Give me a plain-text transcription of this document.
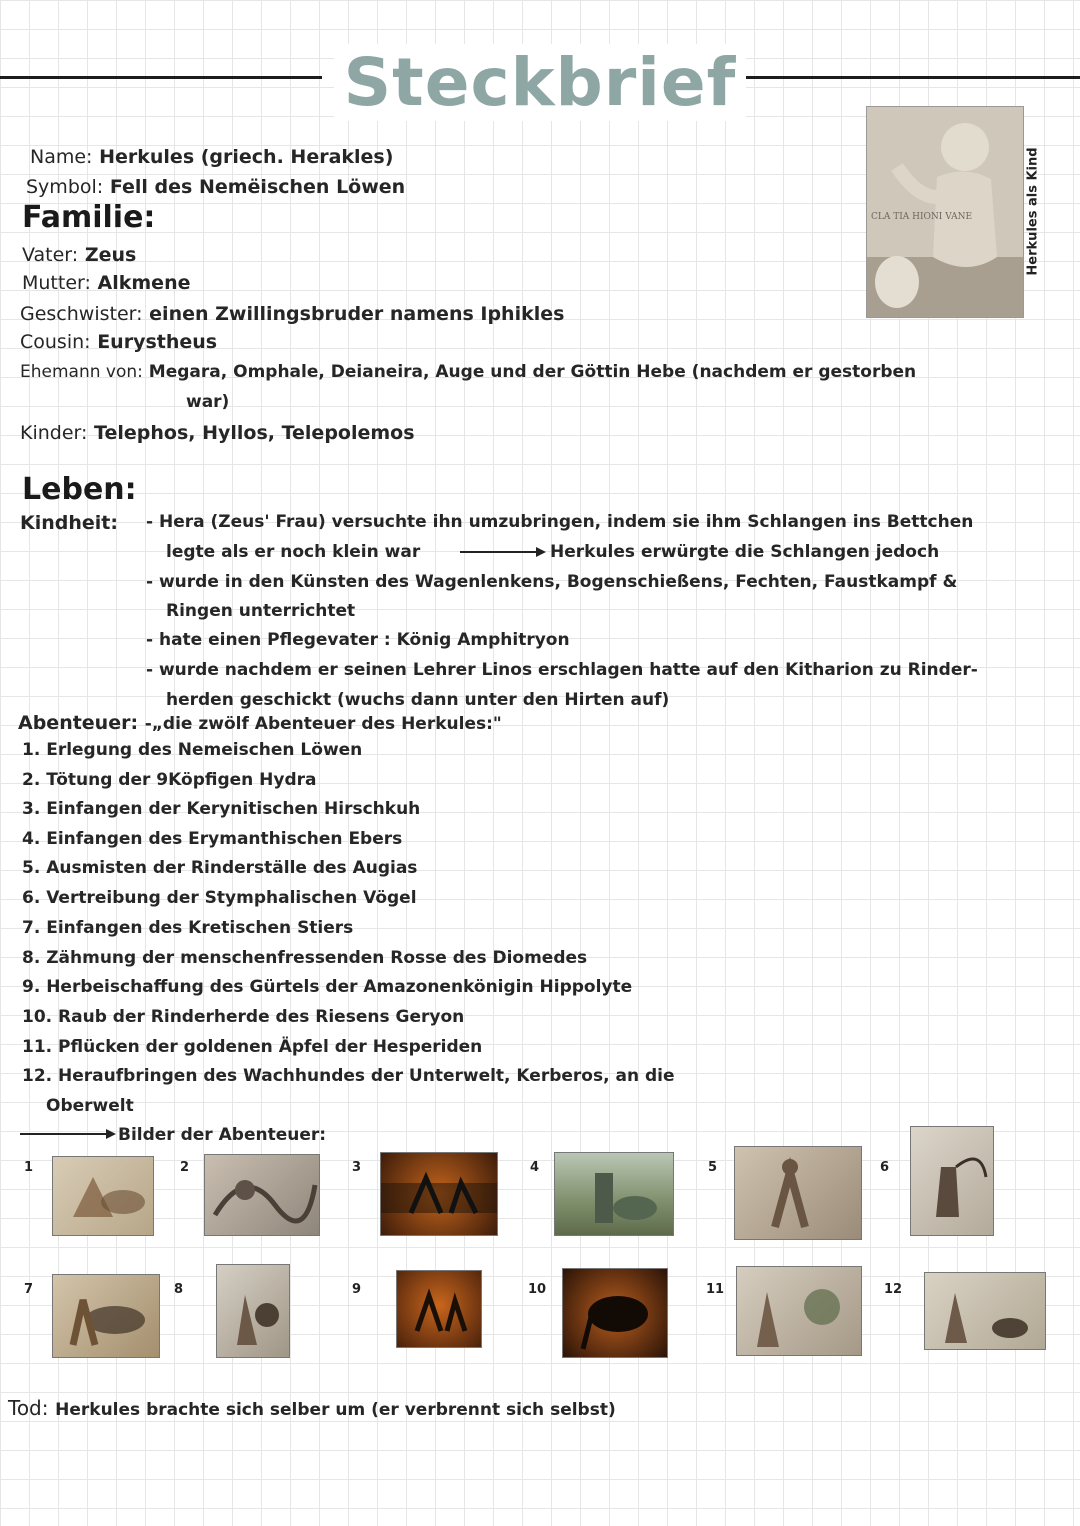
Steckbrief
CLA TIA HIONI VANE	Herkules als Kind
Name: Herkules (griech. Herakles)
Symbol: Fell des Nemëischen Löwen
Familie:
Vater: Zeus
Mutter: Alkmene
Geschwister: einen Zwillingsbruder namens Iphikles
Cousin: Eurystheus
Ehemann von: Megara, Omphale, Deianeira, Auge und der Göttin Hebe (nachdem er gestorben
war)
Kinder: Telephos, Hyllos, Telepolemos
Leben:
Kindheit: - Hera (Zeus' Frau) versuchte ihn umzubringen, indem sie ihm Schlangen ins Bettchen
legte als er noch klein war	Herkules erwürgte die Schlangen jedoch
- wurde in den Künsten des Wagenlenkens, Bogenschießens, Fechten, Faustkampf &
Ringen unterrichtet
- hate einen Pflegevater : König Amphitryon
- wurde nachdem er seinen Lehrer Linos erschlagen hatte auf den Kitharion zu Rinder-
herden geschickt (wuchs dann unter den Hirten auf)
Abenteuer: -„die zwölf Abenteuer des Herkules:"
1. Erlegung des Nemeischen Löwen
2. Tötung der 9Köpfigen Hydra
3. Einfangen der Kerynitischen Hirschkuh
4. Einfangen des Erymanthischen Ebers
5. Ausmisten der Rinderställe des Augias
6. Vertreibung der Stymphalischen Vögel
7. Einfangen des Kretischen Stiers
8. Zähmung der menschenfressenden Rosse des Diomedes
9. Herbeischaffung des Gürtels der Amazonenkönigin Hippolyte
10. Raub der Rinderherde des Riesens Geryon
11. Pflücken der goldenen Äpfel der Hesperiden
12. Heraufbringen des Wachhundes der Unterwelt, Kerberos, an die
Oberwelt
Bilder der Abenteuer:
1	2	3	4	5	6
7	8	9	10	11	12
Tod: Herkules brachte sich selber um (er verbrennt sich selbst)
